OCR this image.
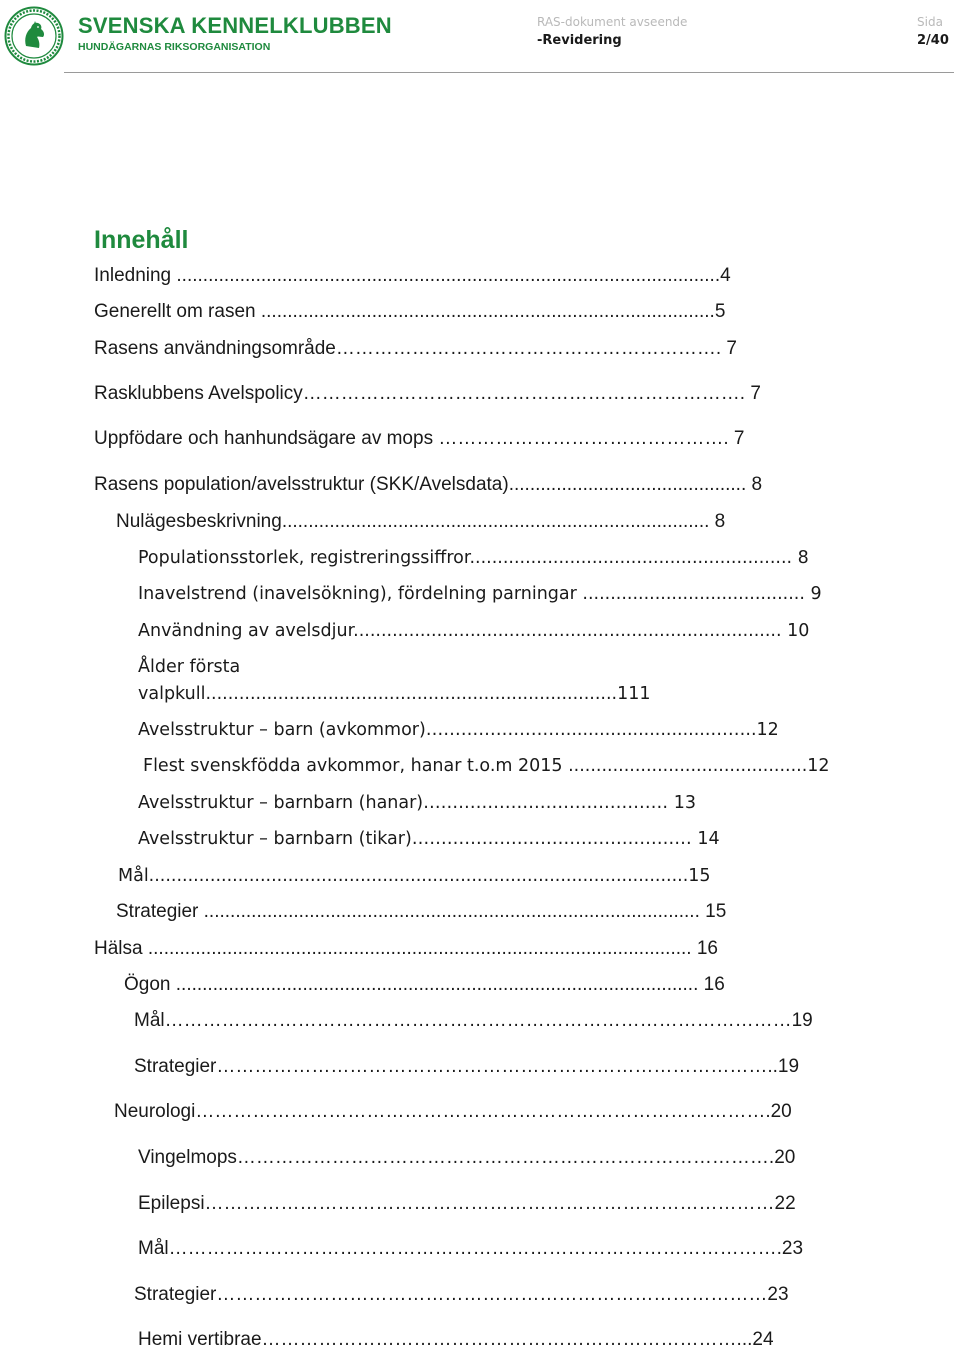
SVENSKA KENNELKLUBBEN
HUNDÄGARNAS RIKSORGANISATION
RAS-dokument avseende
-Revidering
Sida
2/40
Innehåll
Inledning .......................................................................................................4
Generellt om rasen ......................................................................................5
Rasens användningsområde……………………………………………………. 7
Rasklubbens Avelspolicy……………………………………………………………. 7
Uppfödare och hanhundsägare av mops ………………………………………. 7
Rasens population/avelsstruktur (SKK/Avelsdata)............................................. 8
Nulägesbeskrivning................................................................................. 8
Populationsstorlek, registreringssiffror.......................................................... 8
Inavelstrend (inavelsökning), fördelning parningar ........................................ 9
Användning av avelsdjur............................................................................. 10
Ålder första
valpkull..........................................................................111
Avelsstruktur – barn (avkommor)……………………..........................……..12
Flest svenskfödda avkommor, hanar t.o.m 2015 ...........................................12
Avelsstruktur – barnbarn (hanar)…………………………………… 13
Avelsstruktur – barnbarn (tikar)………………………………………… 14
Mål.................................................................................................15
Strategier .............................................................................................. 15
Hälsa ....................................................................................................... 16
Ögon ................................................................................................... 16
Mål………………………………………………………………………………………19
Strategier……………………………………………………………………………..19
Neurologi……………………………………………………………………………….20
Vingelmops………………………………………………………………………….20
Epilepsi………………………………………………………………………………22
Mål…………………………………………………………………………………….23
Strategier……………………………………………………………………………23
Hemi vertibrae…………………………………………………………………...24
